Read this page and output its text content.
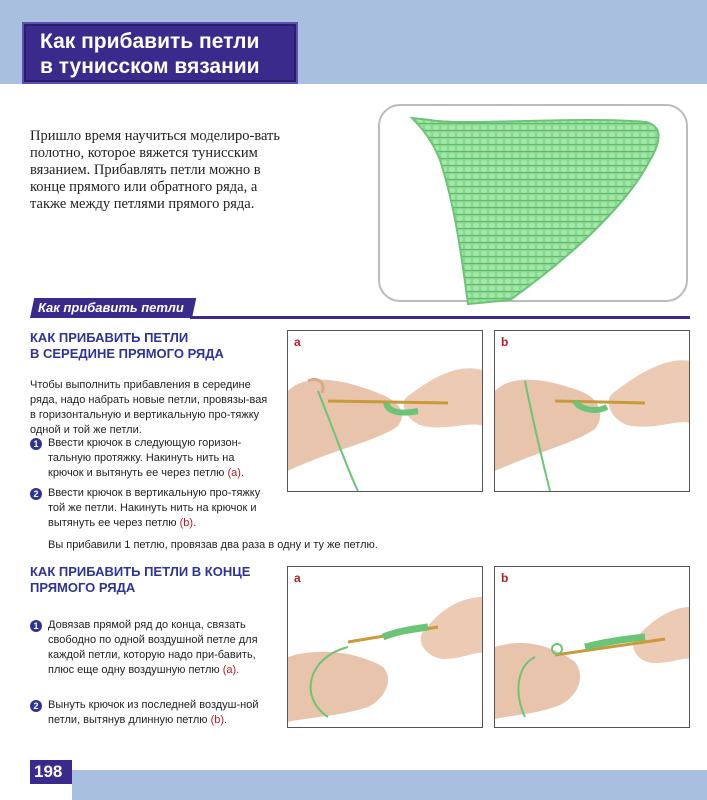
Как прибавить петли
в тунисском вязании

Пришло время научиться моделиро-вать полотно, которое вяжется тунисским вязанием. Прибавлять петли можно в конце прямого или обратного ряда, а также между петлями прямого ряда.

Как прибавить петли
КАК ПРИБАВИТЬ ПЕТЛИ
В СЕРЕДИНЕ ПРЯМОГО РЯДА
Чтобы выполнить прибавления в середине ряда, надо набрать новые петли, провязы-вая в горизонтальную и вертикальную про-тяжку одной и той же петли.
1 Ввести крючок в следующую горизон-тальную протяжку. Накинуть нить на крючок и вытянуть ее через петлю (a).
2 Ввести крючок в вертикальную про-тяжку той же петли. Накинуть нить на крючок и вытянуть ее через петлю (b).
Вы прибавили 1 петлю, провязав два раза в одну и ту же петлю.
a	b
КАК ПРИБАВИТЬ ПЕТЛИ В КОНЦЕ
ПРЯМОГО РЯДА
1 Довязав прямой ряд до конца, связать свободно по одной воздушной петле для каждой петли, которую надо при-бавить, плюс еще одну воздушную петлю (a).
2 Вынуть крючок из последней воздуш-ной петли, вытянув длинную петлю (b).
a	b
198
